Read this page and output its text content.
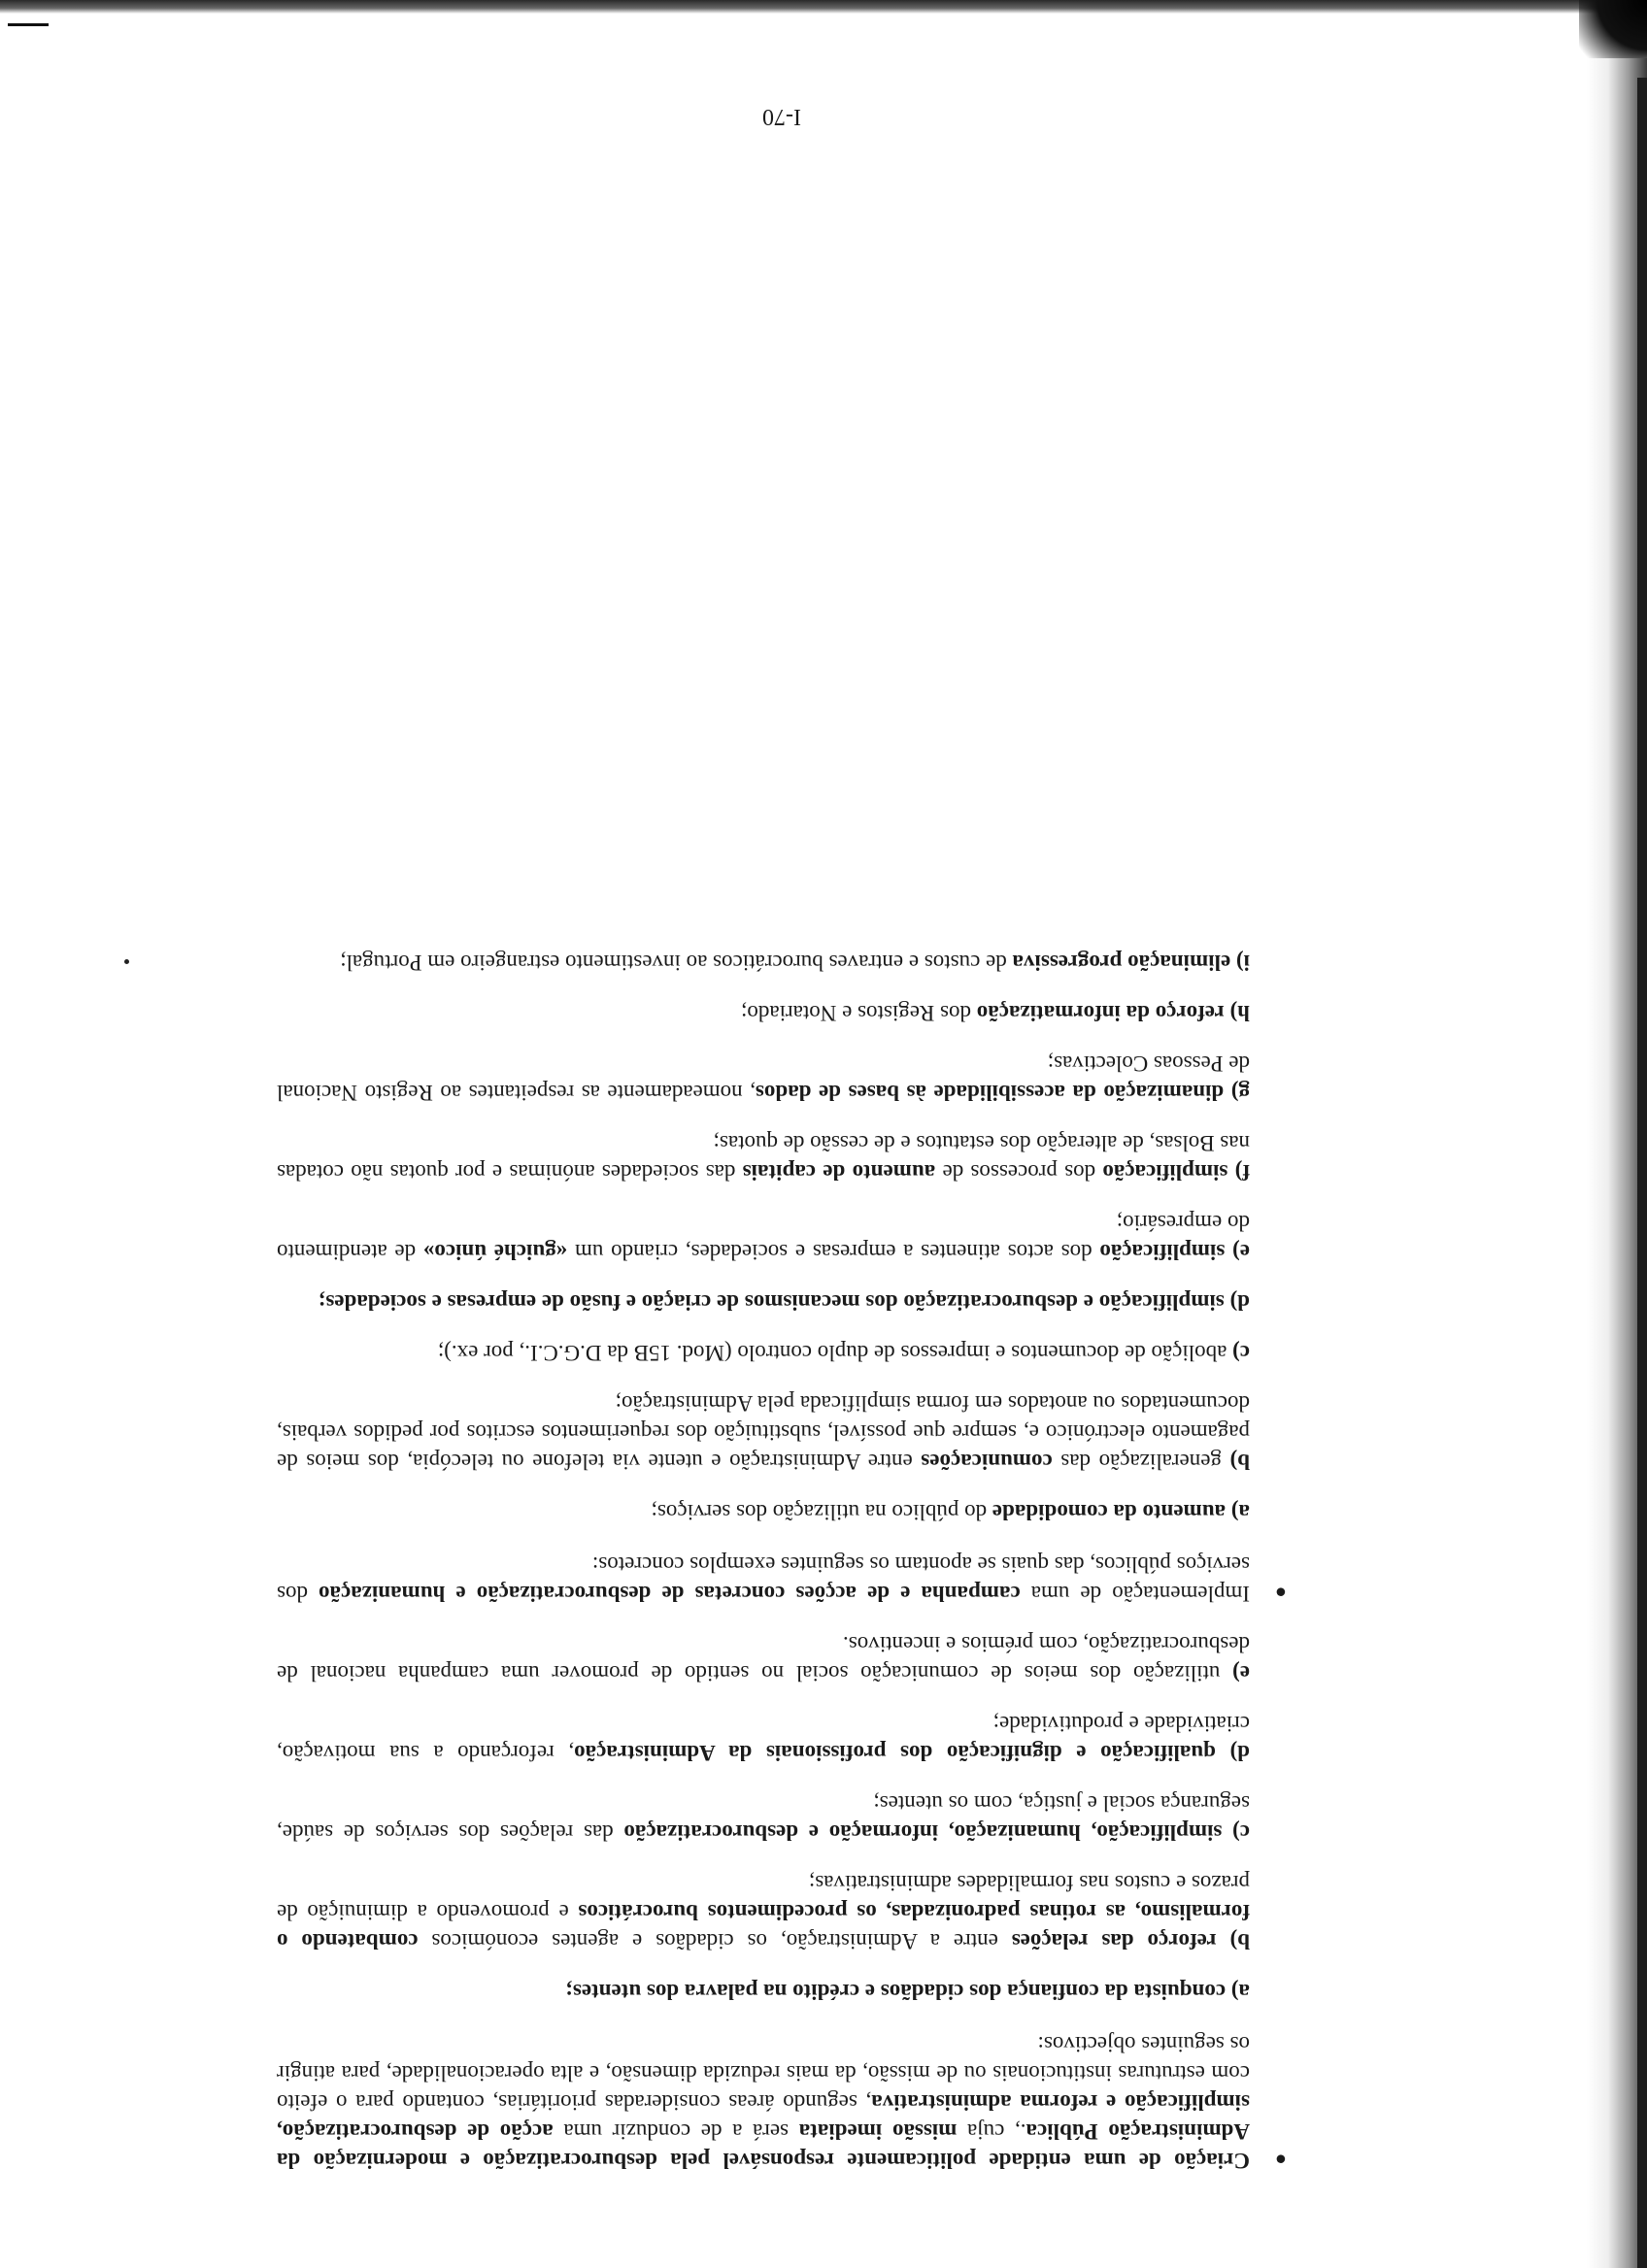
●
Criação de uma entidade politicamente responsável pela desburocratização e modernização da Administração Pública., cuja missão imediata será a de conduzir uma acção de desburocratização, simplificação e reforma administrativa, segundo áreas consideradas prioritárias, contando para o efeito com estruturas institucionais ou de missão, da mais reduzida dimensão, e alta operacionalidade, para atingir os seguintes objectivos:
a) conquista da confiança dos cidadãos e crédito na palavra dos utentes;
b) reforço das relações entre a Administração, os cidadãos e agentes económicos combatendo o formalismo, as rotinas padronizadas, os procedimentos burocráticos e promovendo a diminuição de prazos e custos nas formalidades administrativas;
c) simplificação, humanização, informação e desburocratização das relações dos serviços de saúde, segurança social e justiça, com os utentes;
d) qualificação e dignificação dos profissionais da Administração, reforçando a sua motivação, criatividade e produtividade;
e) utilização dos meios de comunicação social no sentido de promover uma campanha nacional de desburocratização, com prémios e incentivos.
●
Implementação de uma campanha e de acções concretas de desburocratização e humanização dos serviços públicos, das quais se apontam os seguintes exemplos concretos:
a) aumento da comodidade do público na utilização dos serviços;
b) generalização das comunicações entre Administração e utente via telefone ou telecópia, dos meios de pagamento electrónico e, sempre que possível, substituição dos requerimentos escritos por pedidos verbais, documentados ou anotados em forma simplificada pela Administração;
c) abolição de documentos e impressos de duplo controlo (Mod. 15B da D.G.C.I., por ex.);
d) simplificação e desburocratização dos mecanismos de criação e fusão de empresas e sociedades;
e) simplificação dos actos atinentes a empresas e sociedades, criando um «guiché único» de atendimento do empresário;
f) simplificação dos processos de aumento de capitais das sociedades anónimas e por quotas não cotadas nas Bolsas, de alteração dos estatutos e de cessão de quotas;
g) dinamização da acessibilidade às bases de dados, nomeadamente as respeitantes ao Registo Nacional de Pessoas Colectivas;
h) reforço da informatização dos Registos e Notariado;
i) eliminação progressiva de custos e entraves burocráticos ao investimento estrangeiro em Portugal;
I-70
